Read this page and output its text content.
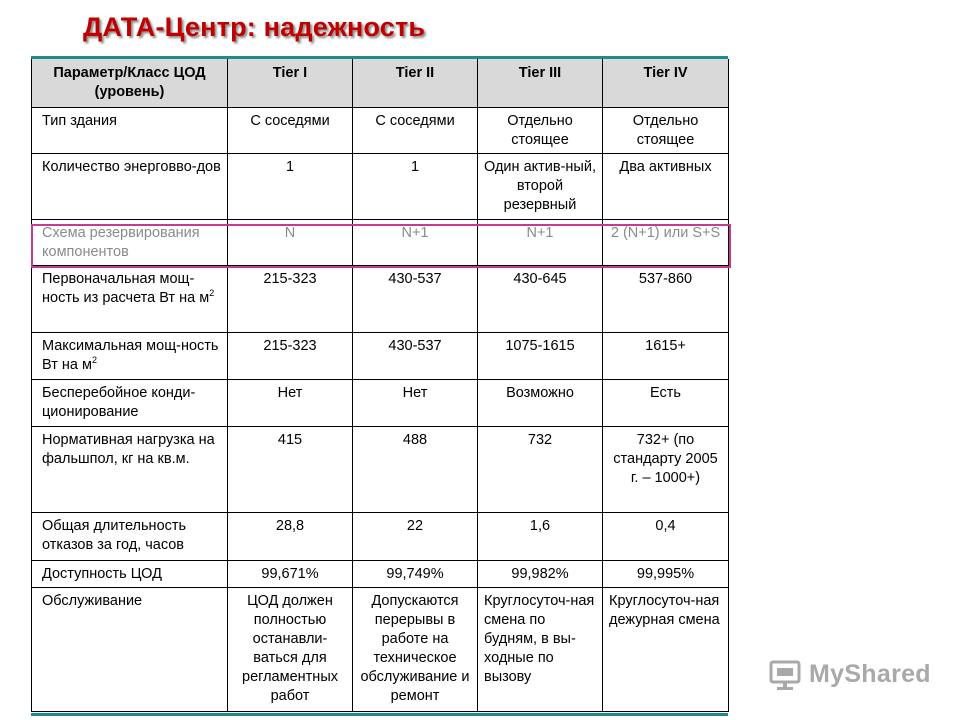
ДАТА-Центр: надежность
Параметр/Класс ЦОД (уровень)	Tier I	Tier II	Tier III	Tier IV
Тип здания	С соседями	С соседями	Отдельно стоящее	Отдельно стоящее
Количество энерговво-дов	1	1	Один актив-ный, второй резервный	Два активных
Схема резервирования компонентов	N	N+1	N+1	2 (N+1) или S+S
Первоначальная мощ-ность из расчета Вт на $м^2$	215-323	430-537	430-645	537-860
Максимальная мощ-ность Вт на $м^2$	215-323	430-537	1075-1615	1615+
Бесперебойное конди-ционирование	Нет	Нет	Возможно	Есть
Нормативная нагрузка на фальшпол, кг на кв.м.	415	488	732	732+ (по стандарту 2005 г. – 1000+)
Общая длительность отказов за год, часов	28,8	22	1,6	0,4
Доступность ЦОД	99,671%	99,749%	99,982%	99,995%
Обслуживание	ЦОД должен полностью останавли-ваться для регламентных работ	Допускаются перерывы в работе на техническое обслуживание и ремонт	Круглосуточ-ная смена по будням, в вы-ходные по вызову	Круглосуточ-ная дежурная смена
MyShared
